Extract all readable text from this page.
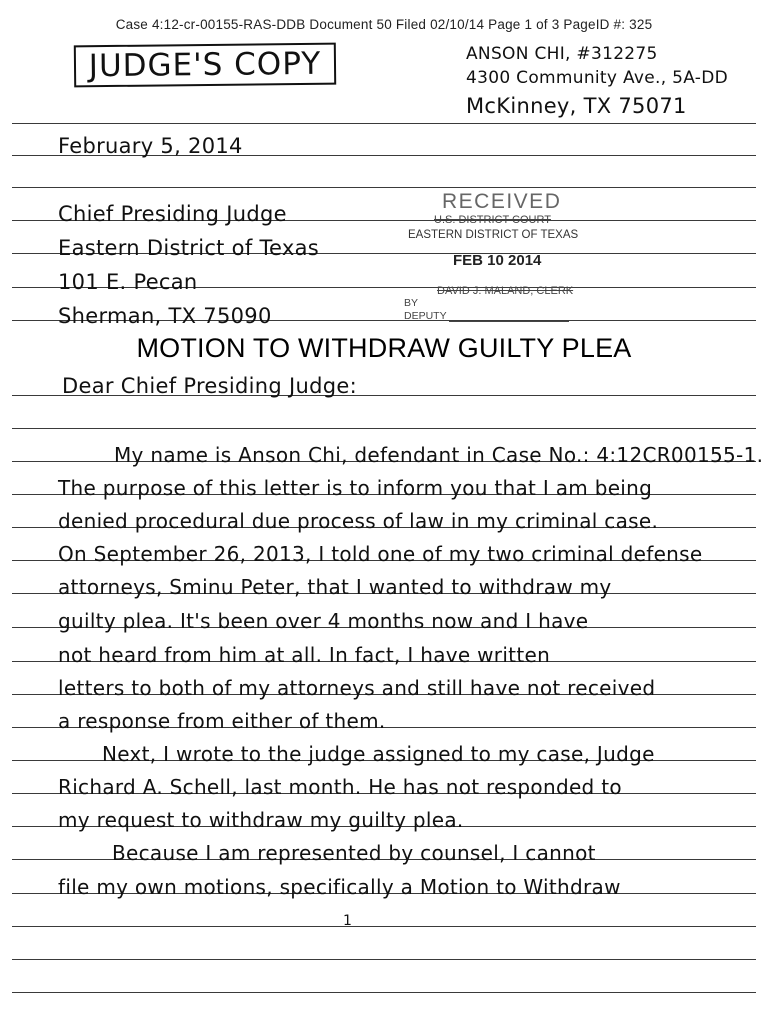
Case 4:12-cr-00155-RAS-DDB Document 50 Filed 02/10/14 Page 1 of 3 PageID #: 325
JUDGE'S COPY	ANSON CHI, #312275
4300 Community Ave., 5A-DD
McKinney, TX 75071
February 5, 2014
Chief Presiding Judge
Eastern District of Texas
101 E. Pecan
Sherman, TX 75090
RECEIVED
U.S. DISTRICT COURT
EASTERN DISTRICT OF TEXAS
FEB 10 2014
DAVID J. MALAND, CLERK
BY
DEPUTY
MOTION TO WITHDRAW GUILTY PLEA
Dear Chief Presiding Judge:
My name is Anson Chi, defendant in Case No.: 4:12CR00155-1.
The purpose of this letter is to inform you that I am being
denied procedural due process of law in my criminal case.
On September 26, 2013, I told one of my two criminal defense
attorneys, Sminu Peter, that I wanted to withdraw my
guilty plea. It's been over 4 months now and I have
not heard from him at all. In fact, I have written
letters to both of my attorneys and still have not received
a response from either of them.
Next, I wrote to the judge assigned to my case, Judge
Richard A. Schell, last month. He has not responded to
my request to withdraw my guilty plea.
Because I am represented by counsel, I cannot
file my own motions, specifically a Motion to Withdraw
1
